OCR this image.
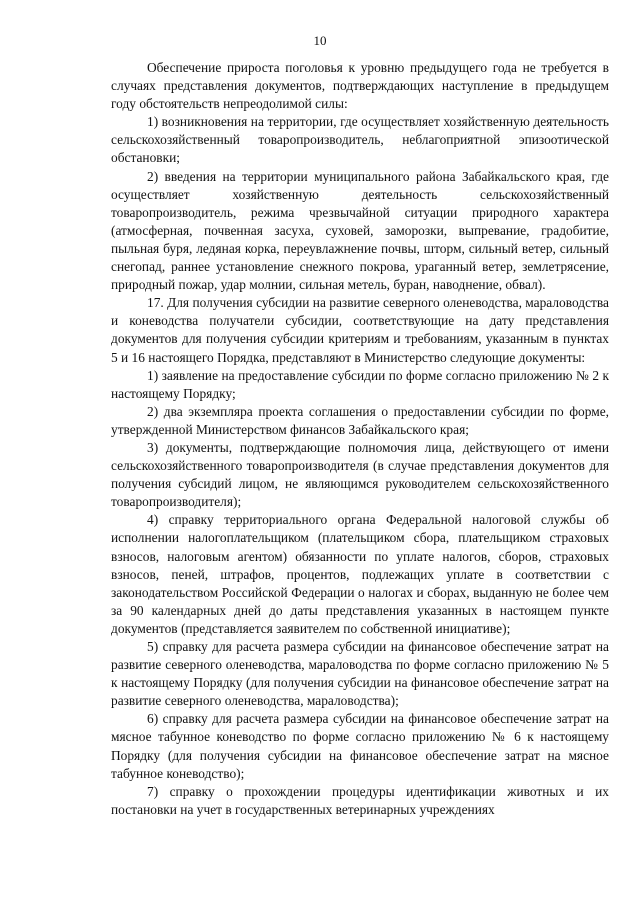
10

Обеспечение прироста поголовья к уровню предыдущего года не требуется в случаях представления документов, подтверждающих наступление в предыдущем году обстоятельств непреодолимой силы:

1) возникновения на территории, где осуществляет хозяйственную деятельность сельскохозяйственный товаропроизводитель, неблагоприятной эпизоотической обстановки;

2) введения на территории муниципального района Забайкальского края, где осуществляет хозяйственную деятельность сельскохозяйственный товаропроизводитель, режима чрезвычайной ситуации природного характера (атмосферная, почвенная засуха, суховей, заморозки, выпревание, градобитие, пыльная буря, ледяная корка, переувлажнение почвы, шторм, сильный ветер, сильный снегопад, раннее установление снежного покрова, ураганный ветер, землетрясение, природный пожар, удар молнии, сильная метель, буран, наводнение, обвал).

17. Для получения субсидии на развитие северного оленеводства, мараловодства и коневодства получатели субсидии, соответствующие на дату представления документов для получения субсидии критериям и требованиям, указанным в пунктах 5 и 16 настоящего Порядка, представляют в Министерство следующие документы:

1) заявление на предоставление субсидии по форме согласно приложению № 2 к настоящему Порядку;

2) два экземпляра проекта соглашения о предоставлении субсидии по форме, утвержденной Министерством финансов Забайкальского края;

3) документы, подтверждающие полномочия лица, действующего от имени сельскохозяйственного товаропроизводителя (в случае представления документов для получения субсидий лицом, не являющимся руководителем сельскохозяйственного товаропроизводителя);

4) справку территориального органа Федеральной налоговой службы об исполнении налогоплательщиком (плательщиком сбора, плательщиком страховых взносов, налоговым агентом) обязанности по уплате налогов, сборов, страховых взносов, пеней, штрафов, процентов, подлежащих уплате в соответствии с законодательством Российской Федерации о налогах и сборах, выданную не более чем за 90 календарных дней до даты представления указанных в настоящем пункте документов (представляется заявителем по собственной инициативе);

5) справку для расчета размера субсидии на финансовое обеспечение затрат на развитие северного оленеводства, мараловодства по форме согласно приложению № 5 к настоящему Порядку (для получения субсидии на финансовое обеспечение затрат на развитие северного оленеводства, мараловодства);

6) справку для расчета размера субсидии на финансовое обеспечение затрат на мясное табунное коневодство по форме согласно приложению № 6 к настоящему Порядку (для получения субсидии на финансовое обеспечение затрат на мясное табунное коневодство);

7) справку о прохождении процедуры идентификации животных и их постановки на учет в государственных ветеринарных учреждениях
